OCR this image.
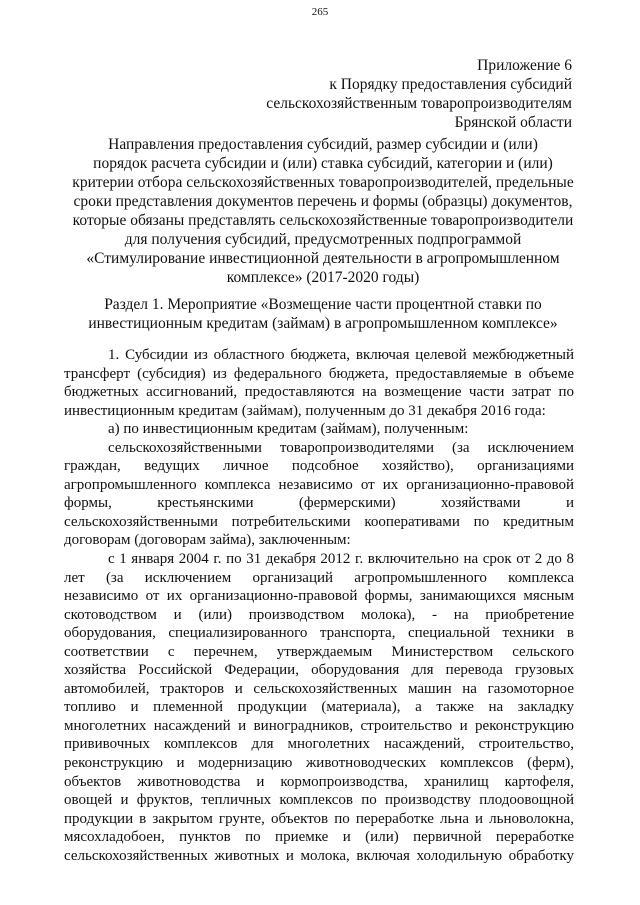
265
Приложение 6
к Порядку предоставления субсидий
сельскохозяйственным товаропроизводителям
Брянской области
Направления предоставления субсидий, размер субсидии и (или)
порядок расчета субсидии и (или) ставка субсидий, категории и (или)
критерии отбора сельскохозяйственных товаропроизводителей, предельные
сроки представления документов перечень и формы (образцы) документов,
которые обязаны представлять сельскохозяйственные товаропроизводители
для получения субсидий, предусмотренных подпрограммой
«Стимулирование инвестиционной деятельности в агропромышленном
комплексе» (2017-2020 годы)
Раздел 1. Мероприятие «Возмещение части процентной ставки по
инвестиционным кредитам (займам) в агропромышленном комплексе»
1. Субсидии из областного бюджета, включая целевой межбюджетный
трансферт (субсидия) из федерального бюджета, предоставляемые в объеме
бюджетных ассигнований, предоставляются на возмещение части затрат по
инвестиционным кредитам (займам), полученным до 31 декабря 2016 года:
а) по инвестиционным кредитам (займам), полученным:
сельскохозяйственными товаропроизводителями (за исключением
граждан, ведущих личное подсобное хозяйство), организациями
агропромышленного комплекса независимо от их организационно-правовой
формы, крестьянскими (фермерскими) хозяйствами и
сельскохозяйственными потребительскими кооперативами по кредитным
договорам (договорам займа), заключенным:
с 1 января 2004 г. по 31 декабря 2012 г. включительно на срок от 2 до 8
лет (за исключением организаций агропромышленного комплекса
независимо от их организационно-правовой формы, занимающихся мясным
скотоводством и (или) производством молока), - на приобретение
оборудования, специализированного транспорта, специальной техники в
соответствии с перечнем, утверждаемым Министерством сельского
хозяйства Российской Федерации, оборудования для перевода грузовых
автомобилей, тракторов и сельскохозяйственных машин на газомоторное
топливо и племенной продукции (материала), а также на закладку
многолетних насаждений и виноградников, строительство и реконструкцию
прививочных комплексов для многолетних насаждений, строительство,
реконструкцию и модернизацию животноводческих комплексов (ферм),
объектов животноводства и кормопроизводства, хранилищ картофеля,
овощей и фруктов, тепличных комплексов по производству плодоовощной
продукции в закрытом грунте, объектов по переработке льна и льноволокна,
мясохладобоен, пунктов по приемке и (или) первичной переработке
сельскохозяйственных животных и молока, включая холодильную обработку
